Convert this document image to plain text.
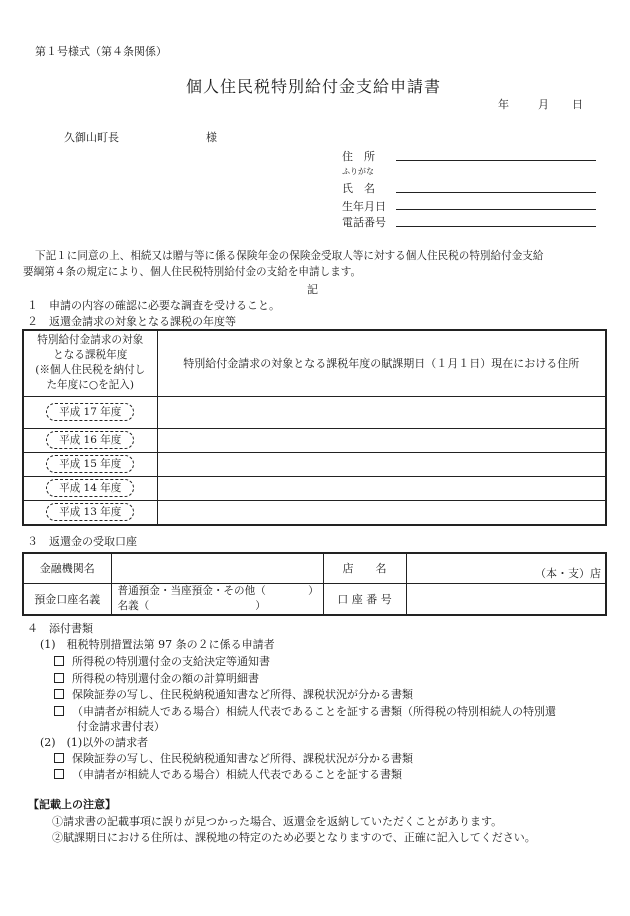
第１号様式（第４条関係）
個人住民税特別給付金支給申請書
年	月 日
久御山町長	様
住　所
ふりがな
氏　名
生年月日
電話番号
下記１に同意の上、相続又は贈与等に係る保険年金の保険金受取人等に対する個人住民税の特別給付金支給
要綱第４条の規定により、個人住民税特別給付金の支給を申請します。
記
１　申請の内容の確認に必要な調査を受けること。
２　返還金請求の対象となる課税の年度等
特別給付金請求の対象
となる課税年度
(※個人住民税を納付し
た年度に○を記入)	特別給付金請求の対象となる課税年度の賦課期日（１月１日）現在における住所
平成 17 年度	
平成 16 年度	
平成 15 年度	
平成 14 年度	
平成 13 年度	
３　返還金の受取口座
金融機関名		店　　名	（本・支）店
預金口座名義	普通預金・当座預金・その他（　　　　）
名義（　　　　　　　　　　）	口 座 番 号	
４　添付書類
(1)　租税特別措置法第 97 条の２に係る申請者
所得税の特別還付金の支給決定等通知書
所得税の特別還付金の額の計算明細書
保険証券の写し、住民税納税通知書など所得、課税状況が分かる書類
（申請者が相続人である場合）相続人代表であることを証する書類（所得税の特別相続人の特別還
付金請求書付表）
(2)　(1)以外の請求者
保険証券の写し、住民税納税通知書など所得、課税状況が分かる書類
（申請者が相続人である場合）相続人代表であることを証する書類
【記載上の注意】
①請求書の記載事項に誤りが見つかった場合、返還金を返納していただくことがあります。
②賦課期日における住所は、課税地の特定のため必要となりますので、正確に記入してください。
